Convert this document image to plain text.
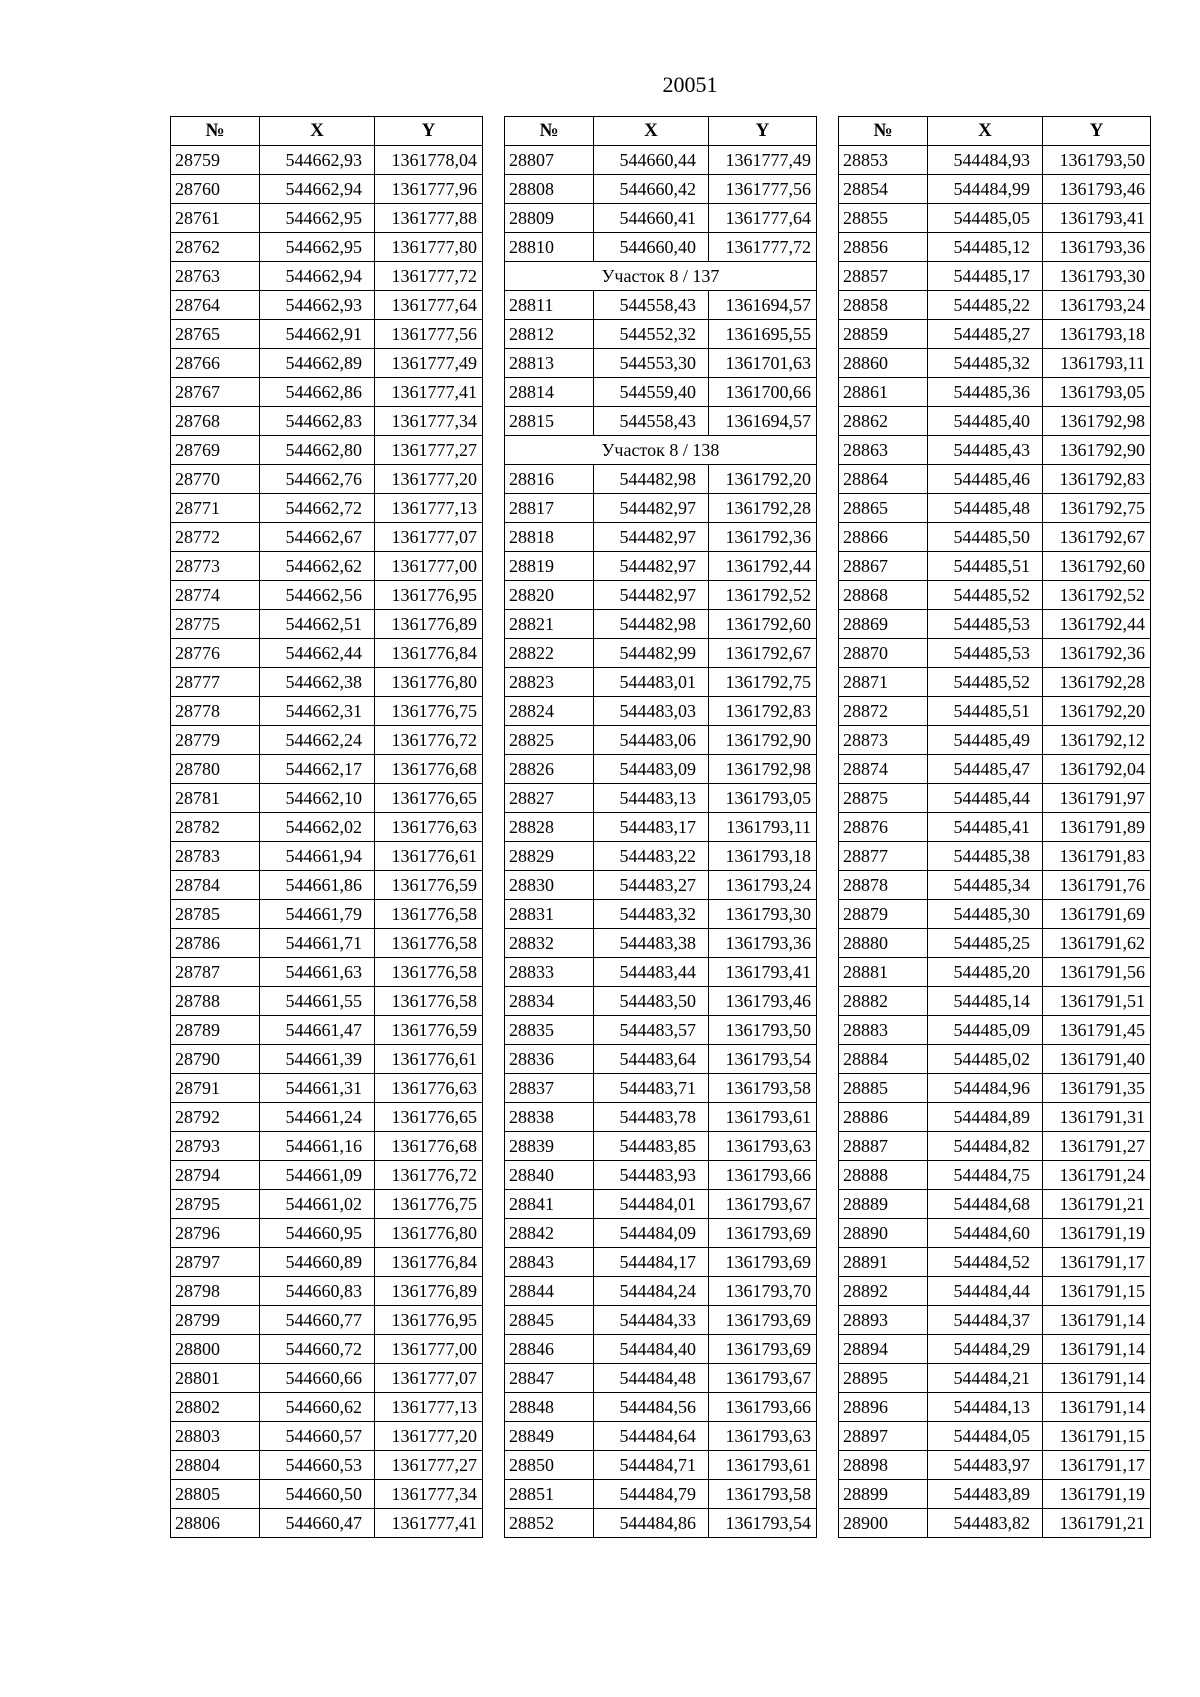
20051
№	X	Y
28759	544662,93	1361778,04
28760	544662,94	1361777,96
28761	544662,95	1361777,88
28762	544662,95	1361777,80
28763	544662,94	1361777,72
28764	544662,93	1361777,64
28765	544662,91	1361777,56
28766	544662,89	1361777,49
28767	544662,86	1361777,41
28768	544662,83	1361777,34
28769	544662,80	1361777,27
28770	544662,76	1361777,20
28771	544662,72	1361777,13
28772	544662,67	1361777,07
28773	544662,62	1361777,00
28774	544662,56	1361776,95
28775	544662,51	1361776,89
28776	544662,44	1361776,84
28777	544662,38	1361776,80
28778	544662,31	1361776,75
28779	544662,24	1361776,72
28780	544662,17	1361776,68
28781	544662,10	1361776,65
28782	544662,02	1361776,63
28783	544661,94	1361776,61
28784	544661,86	1361776,59
28785	544661,79	1361776,58
28786	544661,71	1361776,58
28787	544661,63	1361776,58
28788	544661,55	1361776,58
28789	544661,47	1361776,59
28790	544661,39	1361776,61
28791	544661,31	1361776,63
28792	544661,24	1361776,65
28793	544661,16	1361776,68
28794	544661,09	1361776,72
28795	544661,02	1361776,75
28796	544660,95	1361776,80
28797	544660,89	1361776,84
28798	544660,83	1361776,89
28799	544660,77	1361776,95
28800	544660,72	1361777,00
28801	544660,66	1361777,07
28802	544660,62	1361777,13
28803	544660,57	1361777,20
28804	544660,53	1361777,27
28805	544660,50	1361777,34
28806	544660,47	1361777,41
№	X	Y
28807	544660,44	1361777,49
28808	544660,42	1361777,56
28809	544660,41	1361777,64
28810	544660,40	1361777,72
Участок 8 / 137		
28811	544558,43	1361694,57
28812	544552,32	1361695,55
28813	544553,30	1361701,63
28814	544559,40	1361700,66
28815	544558,43	1361694,57
Участок 8 / 138		
28816	544482,98	1361792,20
28817	544482,97	1361792,28
28818	544482,97	1361792,36
28819	544482,97	1361792,44
28820	544482,97	1361792,52
28821	544482,98	1361792,60
28822	544482,99	1361792,67
28823	544483,01	1361792,75
28824	544483,03	1361792,83
28825	544483,06	1361792,90
28826	544483,09	1361792,98
28827	544483,13	1361793,05
28828	544483,17	1361793,11
28829	544483,22	1361793,18
28830	544483,27	1361793,24
28831	544483,32	1361793,30
28832	544483,38	1361793,36
28833	544483,44	1361793,41
28834	544483,50	1361793,46
28835	544483,57	1361793,50
28836	544483,64	1361793,54
28837	544483,71	1361793,58
28838	544483,78	1361793,61
28839	544483,85	1361793,63
28840	544483,93	1361793,66
28841	544484,01	1361793,67
28842	544484,09	1361793,69
28843	544484,17	1361793,69
28844	544484,24	1361793,70
28845	544484,33	1361793,69
28846	544484,40	1361793,69
28847	544484,48	1361793,67
28848	544484,56	1361793,66
28849	544484,64	1361793,63
28850	544484,71	1361793,61
28851	544484,79	1361793,58
28852	544484,86	1361793,54
№	X	Y
28853	544484,93	1361793,50
28854	544484,99	1361793,46
28855	544485,05	1361793,41
28856	544485,12	1361793,36
28857	544485,17	1361793,30
28858	544485,22	1361793,24
28859	544485,27	1361793,18
28860	544485,32	1361793,11
28861	544485,36	1361793,05
28862	544485,40	1361792,98
28863	544485,43	1361792,90
28864	544485,46	1361792,83
28865	544485,48	1361792,75
28866	544485,50	1361792,67
28867	544485,51	1361792,60
28868	544485,52	1361792,52
28869	544485,53	1361792,44
28870	544485,53	1361792,36
28871	544485,52	1361792,28
28872	544485,51	1361792,20
28873	544485,49	1361792,12
28874	544485,47	1361792,04
28875	544485,44	1361791,97
28876	544485,41	1361791,89
28877	544485,38	1361791,83
28878	544485,34	1361791,76
28879	544485,30	1361791,69
28880	544485,25	1361791,62
28881	544485,20	1361791,56
28882	544485,14	1361791,51
28883	544485,09	1361791,45
28884	544485,02	1361791,40
28885	544484,96	1361791,35
28886	544484,89	1361791,31
28887	544484,82	1361791,27
28888	544484,75	1361791,24
28889	544484,68	1361791,21
28890	544484,60	1361791,19
28891	544484,52	1361791,17
28892	544484,44	1361791,15
28893	544484,37	1361791,14
28894	544484,29	1361791,14
28895	544484,21	1361791,14
28896	544484,13	1361791,14
28897	544484,05	1361791,15
28898	544483,97	1361791,17
28899	544483,89	1361791,19
28900	544483,82	1361791,21
